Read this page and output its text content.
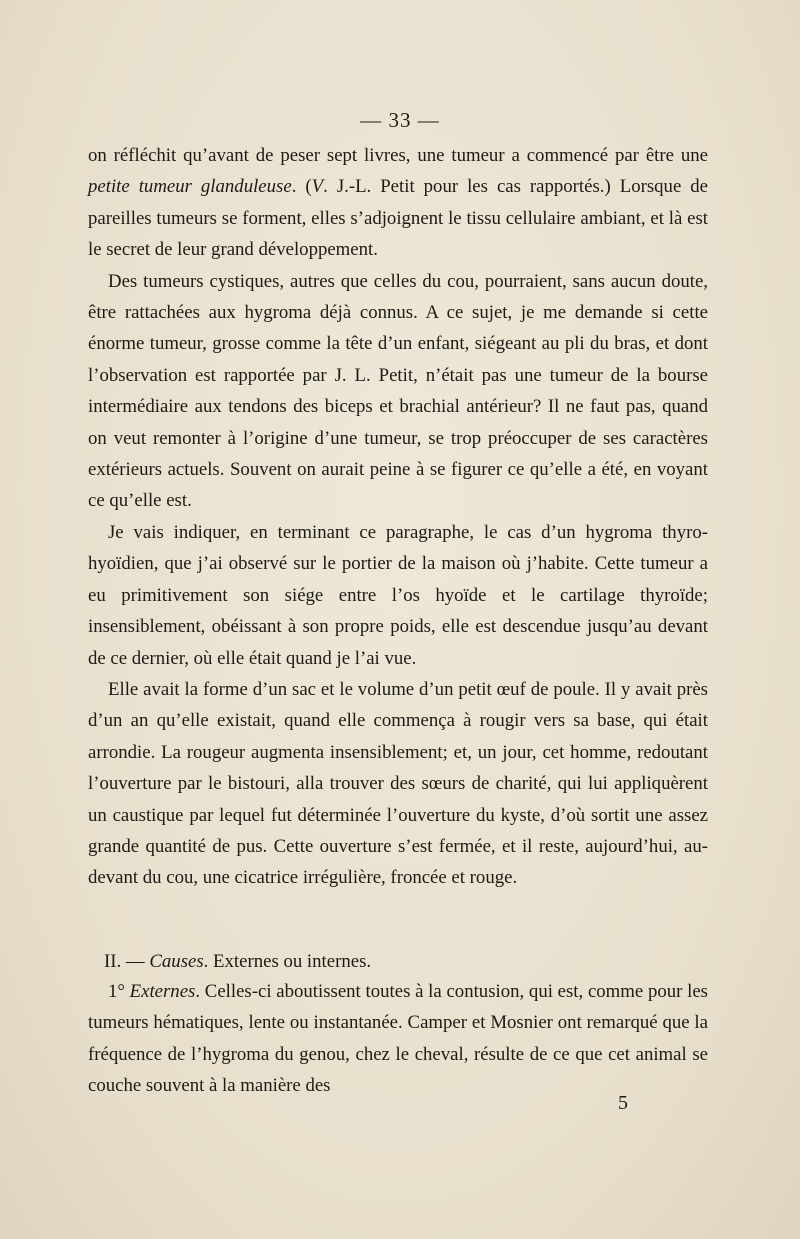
— 33 —

on réfléchit qu’avant de peser sept livres, une tumeur a commencé par être une petite tumeur glanduleuse. (V. J.-L. Petit pour les cas rapportés.) Lorsque de pareilles tumeurs se forment, elles s’adjoignent le tissu cellulaire ambiant, et là est le secret de leur grand développement.

Des tumeurs cystiques, autres que celles du cou, pourraient, sans aucun doute, être rattachées aux hygroma déjà connus. A ce sujet, je me demande si cette énorme tumeur, grosse comme la tête d’un enfant, siégeant au pli du bras, et dont l’observation est rapportée par J. L. Petit, n’était pas une tumeur de la bourse intermédiaire aux tendons des biceps et brachial antérieur? Il ne faut pas, quand on veut remonter à l’origine d’une tumeur, se trop préoccuper de ses caractères extérieurs actuels. Souvent on aurait peine à se figurer ce qu’elle a été, en voyant ce qu’elle est.

Je vais indiquer, en terminant ce paragraphe, le cas d’un hygroma thyro-hyoïdien, que j’ai observé sur le portier de la maison où j’habite. Cette tumeur a eu primitivement son siége entre l’os hyoïde et le cartilage thyroïde; insensiblement, obéissant à son propre poids, elle est descendue jusqu’au devant de ce dernier, où elle était quand je l’ai vue.

Elle avait la forme d’un sac et le volume d’un petit œuf de poule. Il y avait près d’un an qu’elle existait, quand elle commença à rougir vers sa base, qui était arrondie. La rougeur augmenta insensiblement; et, un jour, cet homme, redoutant l’ouverture par le bistouri, alla trouver des sœurs de charité, qui lui appliquèrent un caustique par lequel fut déterminée l’ouverture du kyste, d’où sortit une assez grande quantité de pus. Cette ouverture s’est fermée, et il reste, aujourd’hui, au-devant du cou, une cicatrice irrégulière, froncée et rouge.

II. — Causes. Externes ou internes.

1° Externes. Celles-ci aboutissent toutes à la contusion, qui est, comme pour les tumeurs hématiques, lente ou instantanée. Camper et Mosnier ont remarqué que la fréquence de l’hygroma du genou, chez le cheval, résulte de ce que cet animal se couche souvent à la manière des

5
